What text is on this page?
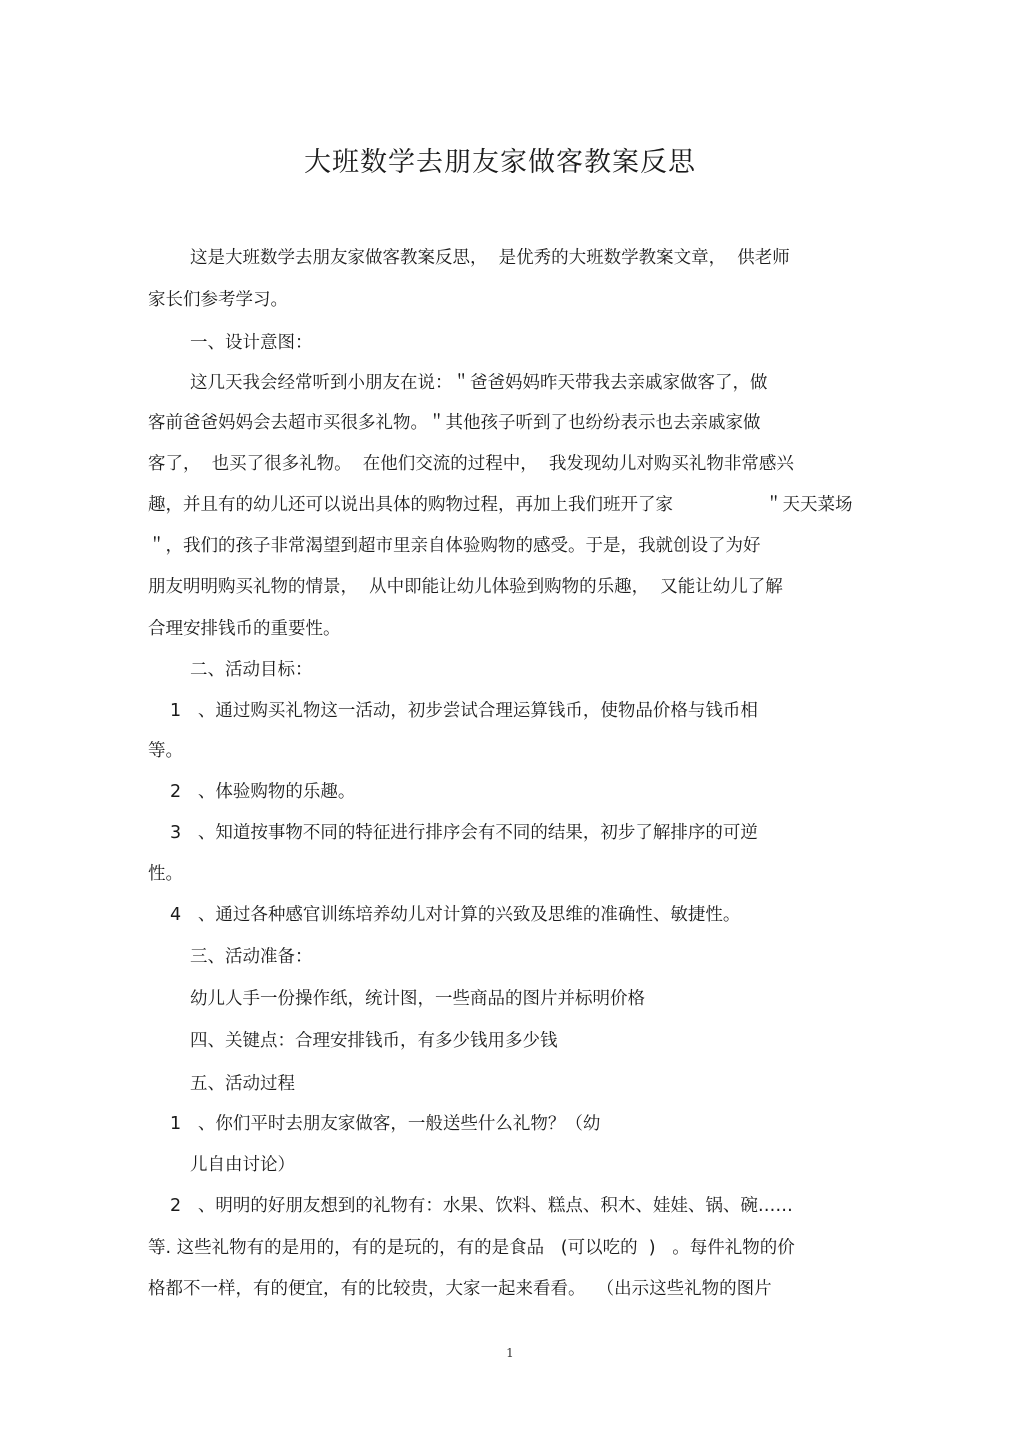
大班数学去朋友家做客教案反思
这是大班数学去朋友家做客教案反思，  是优秀的大班数学教案文章，  供老师
家长们参考学习。
一、设计意图：
这几天我会经常听到小朋友在说：＂爸爸妈妈昨天带我去亲戚家做客了，做
客前爸爸妈妈会去超市买很多礼物。＂其他孩子听到了也纷纷表示也去亲戚家做
客了，  也买了很多礼物。  在他们交流的过程中，  我发现幼儿对购买礼物非常感兴
趣，并且有的幼儿还可以说出具体的购物过程，再加上我们班开了家	＂天天菜场
＂，我们的孩子非常渴望到超市里亲自体验购物的感受。于是，我就创设了为好
朋友明明购买礼物的情景，  从中即能让幼儿体验到购物的乐趣，  又能让幼儿了解
合理安排钱币的重要性。
二、活动目标：
1   、通过购买礼物这一活动，初步尝试合理运算钱币，使物品价格与钱币相
等。
2   、体验购物的乐趣。
3   、知道按事物不同的特征进行排序会有不同的结果，初步了解排序的可逆
性。
4   、通过各种感官训练培养幼儿对计算的兴致及思维的准确性、敏捷性。
三、活动准备：
幼儿人手一份操作纸，统计图，一些商品的图片并标明价格
四、关键点：合理安排钱币，有多少钱用多少钱
五、活动过程
1   、你们平时去朋友家做客，一般送些什么礼物？（幼
儿自由讨论）
2   、明明的好朋友想到的礼物有：水果、饮料、糕点、积木、娃娃、锅、碗……
等. 这些礼物有的是用的，有的是玩的，有的是食品   (可以吃的  )   。每件礼物的价
格都不一样，有的便宜，有的比较贵，大家一起来看看。  （出示这些礼物的图片
1
